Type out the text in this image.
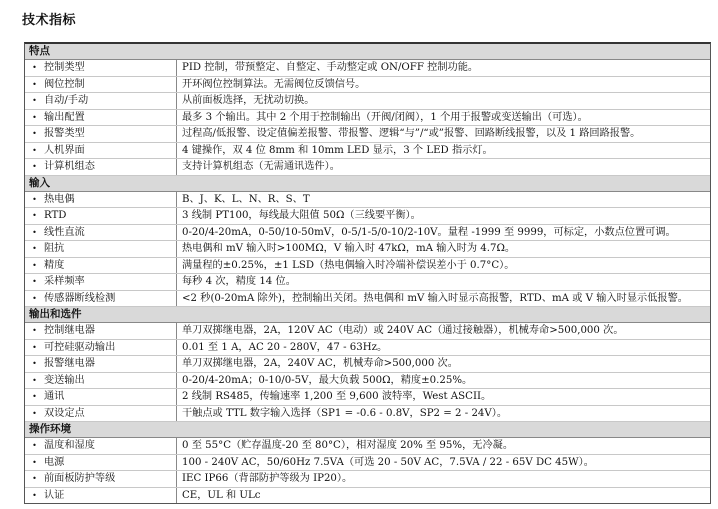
技术指标
特点
• 控制类型	PID 控制，带预整定、自整定、手动整定或 ON/OFF 控制功能。
• 阀位控制	开环阀位控制算法。无需阀位反馈信号。
• 自动/手动	从前面板选择，无扰动切换。
• 输出配置	最多 3 个输出。其中 2 个用于控制输出（开阀/闭阀），1 个用于报警或变送输出（可选）。
• 报警类型	过程高/低报警、设定值偏差报警、带报警、逻辑“与”/“或”报警、回路断线报警，以及 1 路回路报警。
• 人机界面	4 键操作，双 4 位 8mm 和 10mm LED 显示，3 个 LED 指示灯。
• 计算机组态	支持计算机组态（无需通讯选件）。
输入
• 热电偶	B、J、K、L、N、R、S、T
• RTD	3 线制 PT100，每线最大阻值 50Ω（三线要平衡）。
• 线性直流	0-20/4-20mA，0-50/10-50mV，0-5/1-5/0-10/2-10V。量程 -1999 至 9999，可标定，小数点位置可调。
• 阻抗	热电偶和 mV 输入时>100MΩ，V 输入时 47kΩ，mA 输入时为 4.7Ω。
• 精度	满量程的±0.25%，±1 LSD（热电偶输入时冷端补偿误差小于 0.7°C）。
• 采样频率	每秒 4 次，精度 14 位。
• 传感器断线检测	<2 秒(0-20mA 除外)，控制输出关闭。热电偶和 mV 输入时显示高报警，RTD、mA 或 V 输入时显示低报警。
输出和选件
• 控制继电器	单刀双掷继电器，2A，120V AC（电动）或 240V AC（通过接触器），机械寿命>500,000 次。
• 可控硅驱动输出	0.01 至 1 A，AC 20 - 280V，47 - 63Hz。
• 报警继电器	单刀双掷继电器，2A，240V AC，机械寿命>500,000 次。
• 变送输出	0-20/4-20mA；0-10/0-5V，最大负载 500Ω，精度±0.25%。
• 通讯	2 线制 RS485，传输速率 1,200 至 9,600 波特率，West ASCII。
• 双设定点	干触点或 TTL 数字输入选择（SP1 = -0.6 - 0.8V，SP2 = 2 - 24V）。
操作环境
• 温度和湿度	0 至 55°C（贮存温度-20 至 80°C），相对湿度 20% 至 95%，无冷凝。
• 电源	100 - 240V AC，50/60Hz 7.5VA（可选 20 - 50V AC，7.5VA / 22 - 65V DC 45W）。
• 前面板防护等级	IEC IP66（背部防护等级为 IP20）。
• 认证	CE，UL 和 ULc
